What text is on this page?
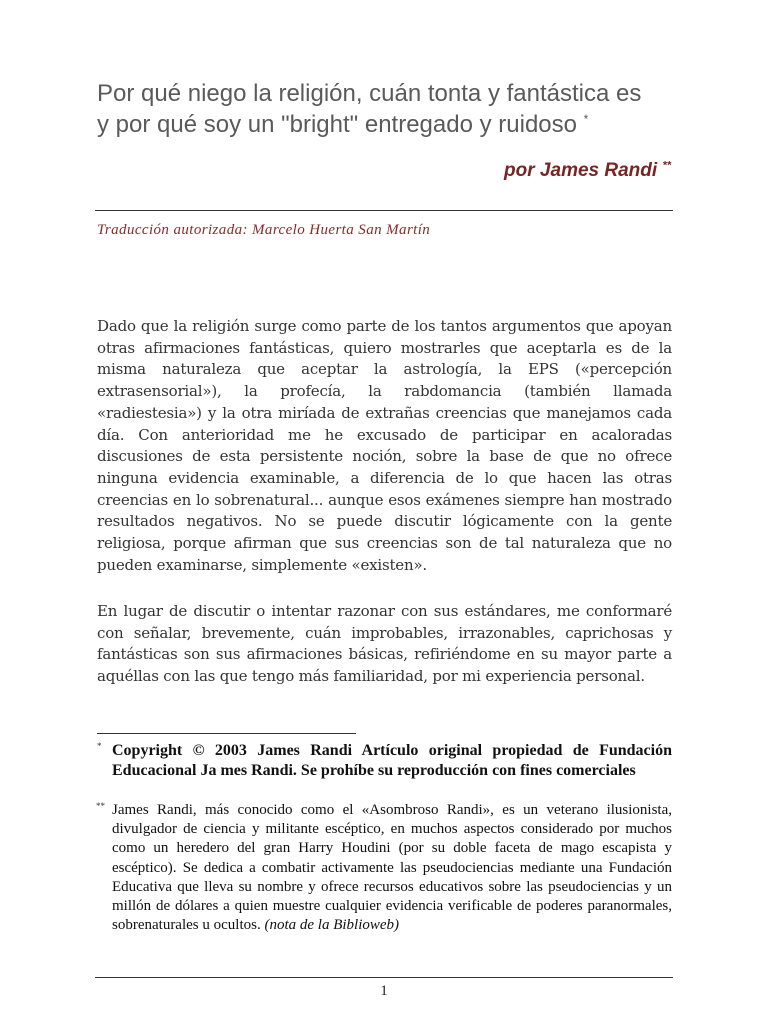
Por qué niego la religión, cuán tonta y fantástica es
y por qué soy un "bright" entregado y ruidoso *
por James Randi **
Traducción autorizada: Marcelo Huerta San Martín

Dado que la religión surge como parte de los tantos argumentos que apoyan otras afirmaciones fantásticas, quiero mostrarles que aceptarla es de la misma naturaleza que aceptar la astrología, la EPS («percepción extrasensorial»), la profecía, la rabdomancia (también llamada «radiestesia») y la otra miríada de extrañas creencias que manejamos cada día. Con anterioridad me he excusado de participar en acaloradas discusiones de esta persistente noción, sobre la base de que no ofrece ninguna evidencia examinable, a diferencia de lo que hacen las otras creencias en lo sobrenatural... aunque esos exámenes siempre han mostrado resultados negativos. No se puede discutir lógicamente con la gente religiosa, porque afirman que sus creencias son de tal naturaleza que no pueden examinarse, simplemente «existen».

En lugar de discutir o intentar razonar con sus estándares, me conformaré con señalar, brevemente, cuán improbables, irrazonables, caprichosas y fantásticas son sus afirmaciones básicas, refiriéndome en su mayor parte a aquéllas con las que tengo más familiaridad, por mi experiencia personal.

* Copyright © 2003 James Randi Artículo original propiedad de Fundación Educacional Ja mes Randi. Se prohíbe su reproducción con fines comerciales

** James Randi, más conocido como el «Asombroso Randi», es un veterano ilusionista, divulgador de ciencia y militante escéptico, en muchos aspectos considerado por muchos como un heredero del gran Harry Houdini (por su doble faceta de mago escapista y escéptico). Se dedica a combatir activamente las pseudociencias mediante una Fundación Educativa que lleva su nombre y ofrece recursos educativos sobre las pseudociencias y un millón de dólares a quien muestre cualquier evidencia verificable de poderes paranormales, sobrenaturales u ocultos. (nota de la Biblioweb)

1
